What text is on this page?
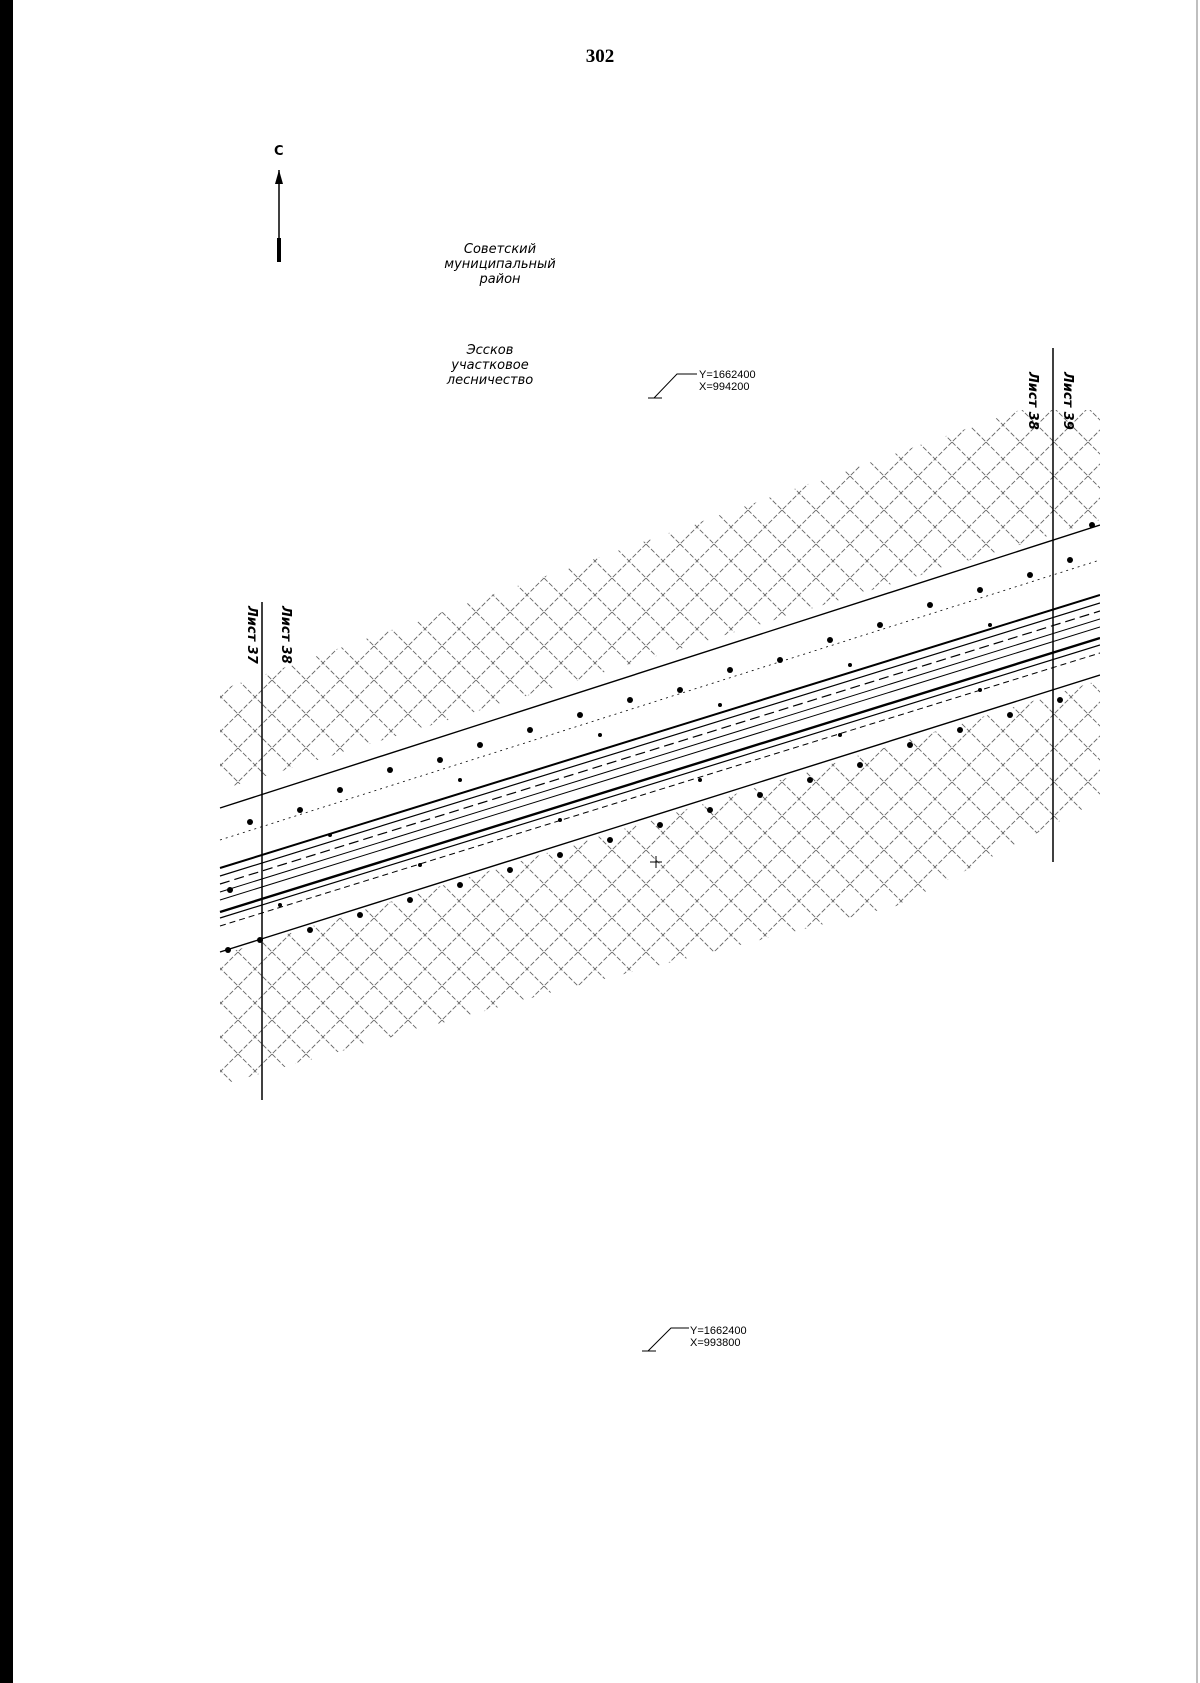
302
С
Советский
муниципальный
район
Эссков
участковое
лесничество	Y=1662400
X=994200
Y=1662400
X=993800
Лист 37 Лист 38
Лист 38 Лист 39
